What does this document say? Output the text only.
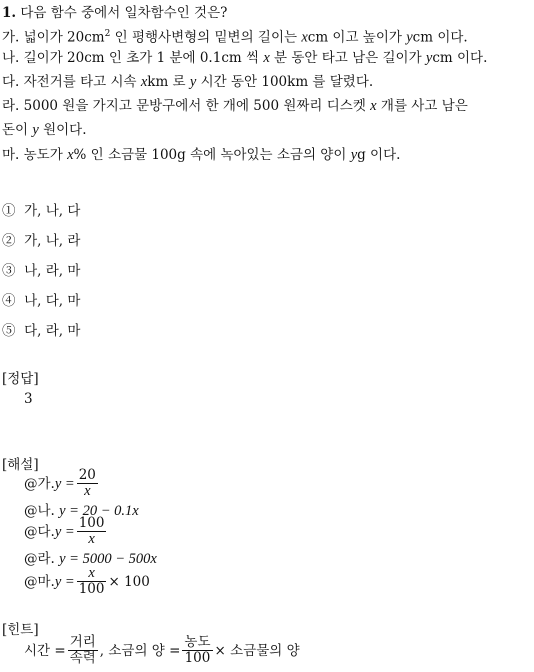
1. 다음 함수 중에서 일차함수인 것은?
가. 넓이가 $20cm^2$ 인 평행사변형의 밑변의 길이는 xcm 이고 높이가 ycm 이다.
나. 길이가 20cm 인 초가 1 분에 0.1cm 씩 x 분 동안 타고 남은 길이가 ycm 이다.
다. 자전거를 타고 시속 xkm 로 y 시간 동안 100km 를 달렸다.
라. 5000 원을 가지고 문방구에서 한 개에 500 원짜리 디스켓 x 개를 사고 남은
돈이 y 원이다.
마. 농도가 x% 인 소금물 100g 속에 녹아있는 소금의 양이 yg 이다.
① 가, 나, 다
② 가, 나, 라
③ 나, 라, 마
④ 나, 다, 마
⑤ 다, 라, 마
[정답]
3
[해설]
@가. $y = \frac{20}{x}$
@나. y = 20 − 0.1x
@다. $y = \frac{100}{x}$
@라. y = 5000 − 500x
@마. $y = \frac{x}{100} \times 100$
[힌트]
시간 = $\frac{\text{거리}}{\text{속력}}$ , 소금의 양 = $\frac{\text{농도}}{100}$ × 소금물의 양
